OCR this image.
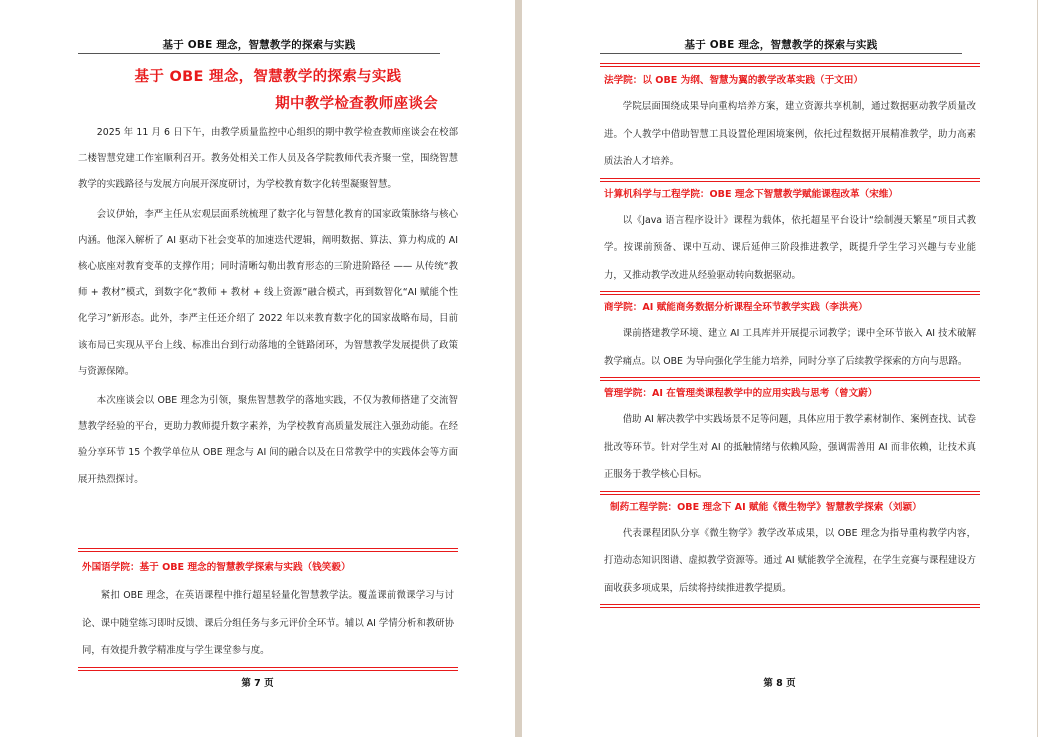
基于 OBE 理念，智慧教学的探索与实践
基于 OBE 理念，智慧教学的探索与实践
期中教学检查教师座谈会

2025 年 11 月 6 日下午，由教学质量监控中心组织的期中教学检查教师座谈会在校部二楼智慧党建工作室顺利召开。教务处相关工作人员及各学院教师代表齐聚一堂，围绕智慧教学的实践路径与发展方向展开深度研讨，为学校教育数字化转型凝聚智慧。

会议伊始，李严主任从宏观层面系统梳理了数字化与智慧化教育的国家政策脉络与核心内涵。他深入解析了 AI 驱动下社会变革的加速迭代逻辑，阐明数据、算法、算力构成的 AI 核心底座对教育变革的支撑作用；同时清晰勾勒出教育形态的三阶进阶路径 —— 从传统“教师 + 教材”模式，到数字化“教师 + 教材 + 线上资源”融合模式，再到数智化“AI 赋能个性化学习”新形态。此外，李严主任还介绍了 2022 年以来教育数字化的国家战略布局，目前该布局已实现从平台上线、标准出台到行动落地的全链路闭环，为智慧教学发展提供了政策与资源保障。

本次座谈会以 OBE 理念为引领，聚焦智慧教学的落地实践，不仅为教师搭建了交流智慧教学经验的平台，更助力教师提升数字素养，为学校教育高质量发展注入强劲动能。在经验分享环节 15 个教学单位从 OBE 理念与 AI 间的融合以及在日常教学中的实践体会等方面展开热烈探讨。

外国语学院：基于 OBE 理念的智慧教学探索与实践（钱笑毅）

紧扣 OBE 理念，在英语课程中推行超星轻量化智慧教学法。覆盖课前微课学习与讨论、课中随堂练习即时反馈、课后分组任务与多元评价全环节。辅以 AI 学情分析和教研协同，有效提升教学精准度与学生课堂参与度。

第 7 页
基于 OBE 理念，智慧教学的探索与实践
法学院：以 OBE 为纲、智慧为翼的教学改革实践（于文田）

学院层面围绕成果导向重构培养方案，建立资源共享机制，通过数据驱动教学质量改进。个人教学中借助智慧工具设置伦理困境案例，依托过程数据开展精准教学，助力高素质法治人才培养。

计算机科学与工程学院：OBE 理念下智慧教学赋能课程改革（宋维）

以《Java 语言程序设计》课程为载体，依托超星平台设计“绘制漫天繁星”项目式教学。按课前预备、课中互动、课后延伸三阶段推进教学，既提升学生学习兴趣与专业能力，又推动教学改进从经验驱动转向数据驱动。

商学院：AI 赋能商务数据分析课程全环节教学实践（李洪亮）

课前搭建教学环境、建立 AI 工具库并开展提示词教学；课中全环节嵌入 AI 技术破解教学痛点。以 OBE 为导向强化学生能力培养，同时分享了后续教学探索的方向与思路。

管理学院：AI 在管理类课程教学中的应用实践与思考（曾文蔚）

借助 AI 解决教学中实践场景不足等问题，具体应用于教学素材制作、案例查找、试卷批改等环节。针对学生对 AI 的抵触情绪与依赖风险，强调需善用 AI 而非依赖，让技术真正服务于教学核心目标。

制药工程学院：OBE 理念下 AI 赋能《微生物学》智慧教学探索（刘颖）

代表课程团队分享《微生物学》教学改革成果，以 OBE 理念为指导重构教学内容，打造动态知识图谱、虚拟教学资源等。通过 AI 赋能教学全流程，在学生竞赛与课程建设方面收获多项成果，后续将持续推进教学提质。

第 8 页
